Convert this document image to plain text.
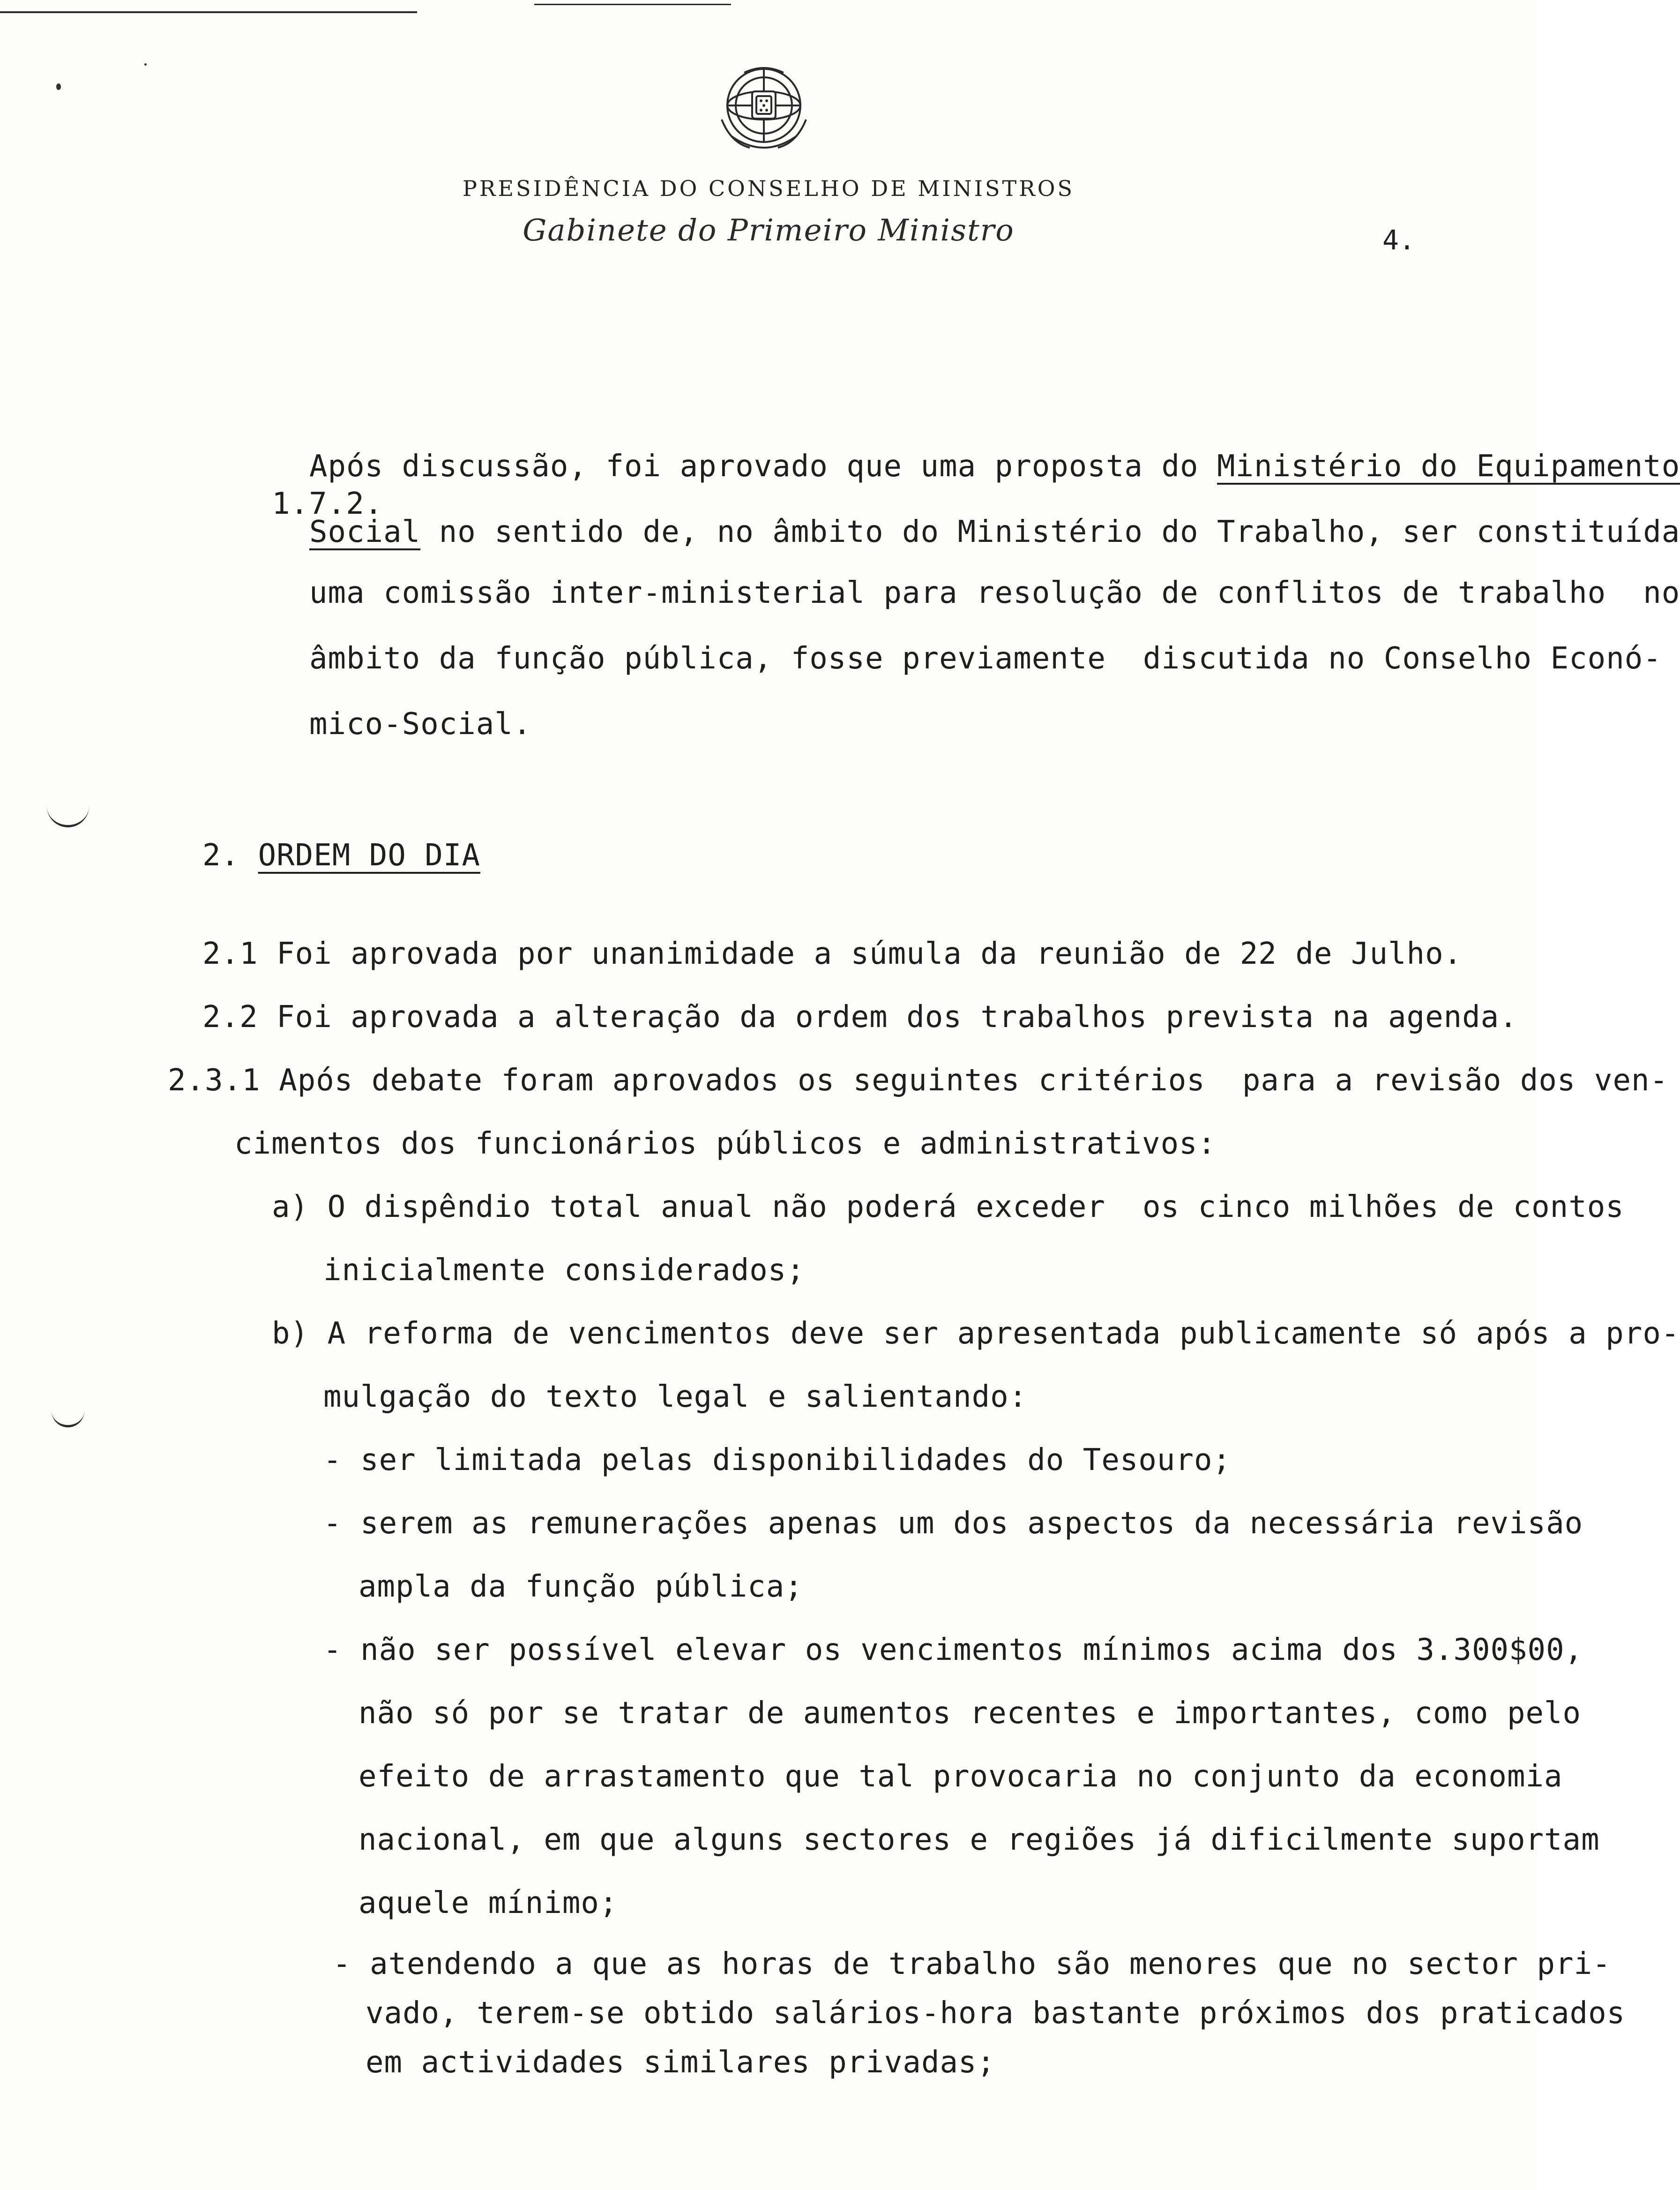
PRESIDÊNCIA DO CONSELHO DE MINISTROS
Gabinete do Primeiro Ministro	4.

1.7.2.

Após discussão, foi aprovado que uma proposta do Ministério do Equipamento
Social no sentido de, no âmbito do Ministério do Trabalho, ser constituída
uma comissão inter-ministerial para resolução de conflitos de trabalho  no
âmbito da função pública, fosse previamente  discutida no Conselho Econó-
mico-Social.
2. ORDEM DO DIA
2.1 Foi aprovada por unanimidade a súmula da reunião de 22 de Julho.
2.2 Foi aprovada a alteração da ordem dos trabalhos prevista na agenda.
2.3.1 Após debate foram aprovados os seguintes critérios  para a revisão dos ven-
cimentos dos funcionários públicos e administrativos:
a) O dispêndio total anual não poderá exceder  os cinco milhões de contos
inicialmente considerados;
b) A reforma de vencimentos deve ser apresentada publicamente só após a pro-
mulgação do texto legal e salientando:
- ser limitada pelas disponibilidades do Tesouro;
- serem as remunerações apenas um dos aspectos da necessária revisão
ampla da função pública;
- não ser possível elevar os vencimentos mínimos acima dos 3.300$00,
não só por se tratar de aumentos recentes e importantes, como pelo
efeito de arrastamento que tal provocaria no conjunto da economia
nacional, em que alguns sectores e regiões já dificilmente suportam
aquele mínimo;
- atendendo a que as horas de trabalho são menores que no sector pri-
vado, terem-se obtido salários-hora bastante próximos dos praticados
em actividades similares privadas;
